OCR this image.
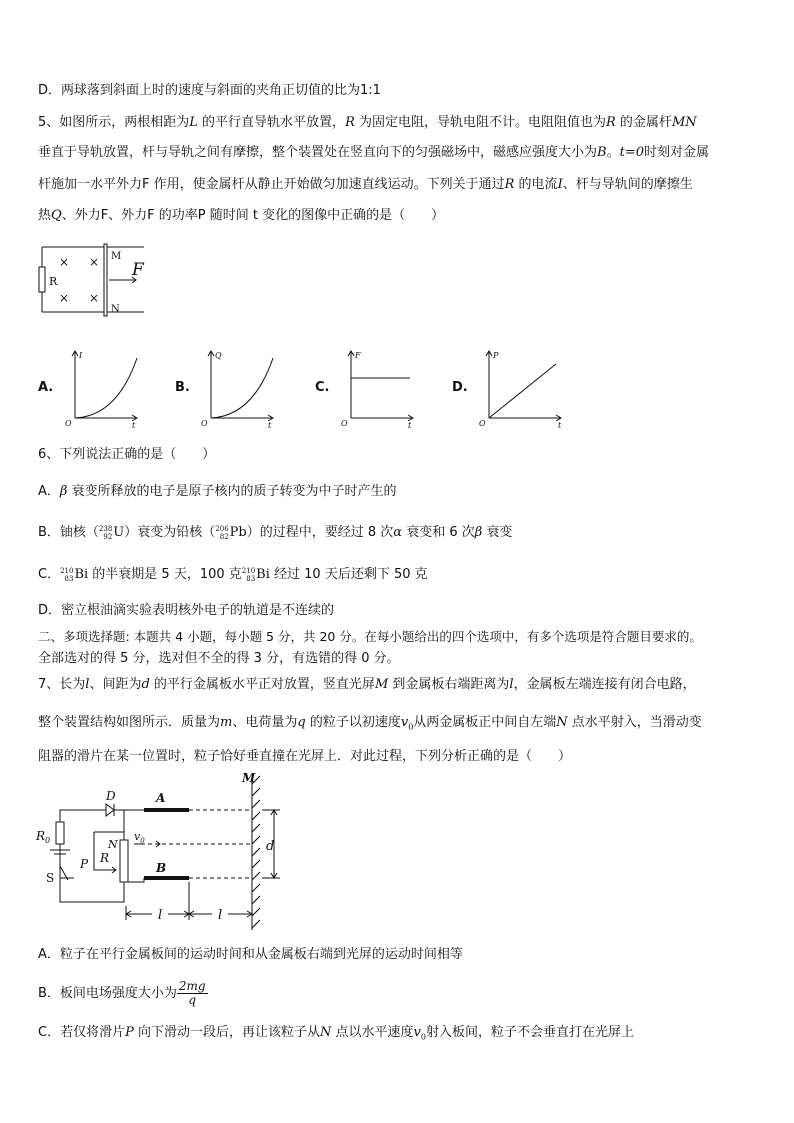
D．两球落到斜面上时的速度与斜面的夹角正切值的比为1:1
5、如图所示，两根相距为L 的平行直导轨水平放置，R 为固定电阻，导轨电阻不计。电阻阻值也为R 的金属杆MN
垂直于导轨放置，杆与导轨之间有摩擦，整个装置处在竖直向下的匀强磁场中，磁感应强度大小为B。t=0时刻对金属
杆施加一水平外力F 作用，使金属杆从静止开始做匀加速直线运动。下列关于通过R 的电流I、杆与导轨间的摩擦生
热Q、外力F、外力F 的功率P 随时间 t 变化的图像中正确的是（　　）
R
M
N
F
× ×
× ×
A.
I
O	t
B.
Q
O	t
C.
F
O	t
D.
P
O	t
6、下列说法正确的是（　　）
A．β 衰变所释放的电子是原子核内的质子转变为中子时产生的
B．铀核（ 238
92 U）衰变为铅核（ 206
82 Pb）的过程中，要经过 8 次α 衰变和 6 次β 衰变
C． 210
83 Bi 的半衰期是 5 天，100 克 210
83 Bi 经过 10 天后还剩下 50 克
D．密立根油滴实验表明核外电子的轨道是不连续的
二、多项选择题: 本题共 4 小题，每小题 5 分，共 20 分。在每小题给出的四个选项中，有多个选项是符合题目要求的。
全部选对的得 5 分，选对但不全的得 3 分，有选错的得 0 分。
7、长为l、间距为d 的平行金属板水平正对放置，竖直光屏M 到金属板右端距离为l，金属板左端连接有闭合电路，
整个装置结构如图所示．质量为m、电荷量为q 的粒子以初速度$v_0$从两金属板正中间自左端N 点水平射入，当滑动变
阻器的滑片在某一位置时，粒子恰好垂直撞在光屏上．对此过程，下列分析正确的是（　　）
M
D	A
B
$R_0$	N
$v_0$
P R
S
d
l	l
A．粒子在平行金属板间的运动时间和从金属板右端到光屏的运动时间相等
B．板间电场强度大小为 $\frac{2mg}{q}$
C．若仅将滑片P 向下滑动一段后，再让该粒子从N 点以水平速度$v_0$射入板间，粒子不会垂直打在光屏上
